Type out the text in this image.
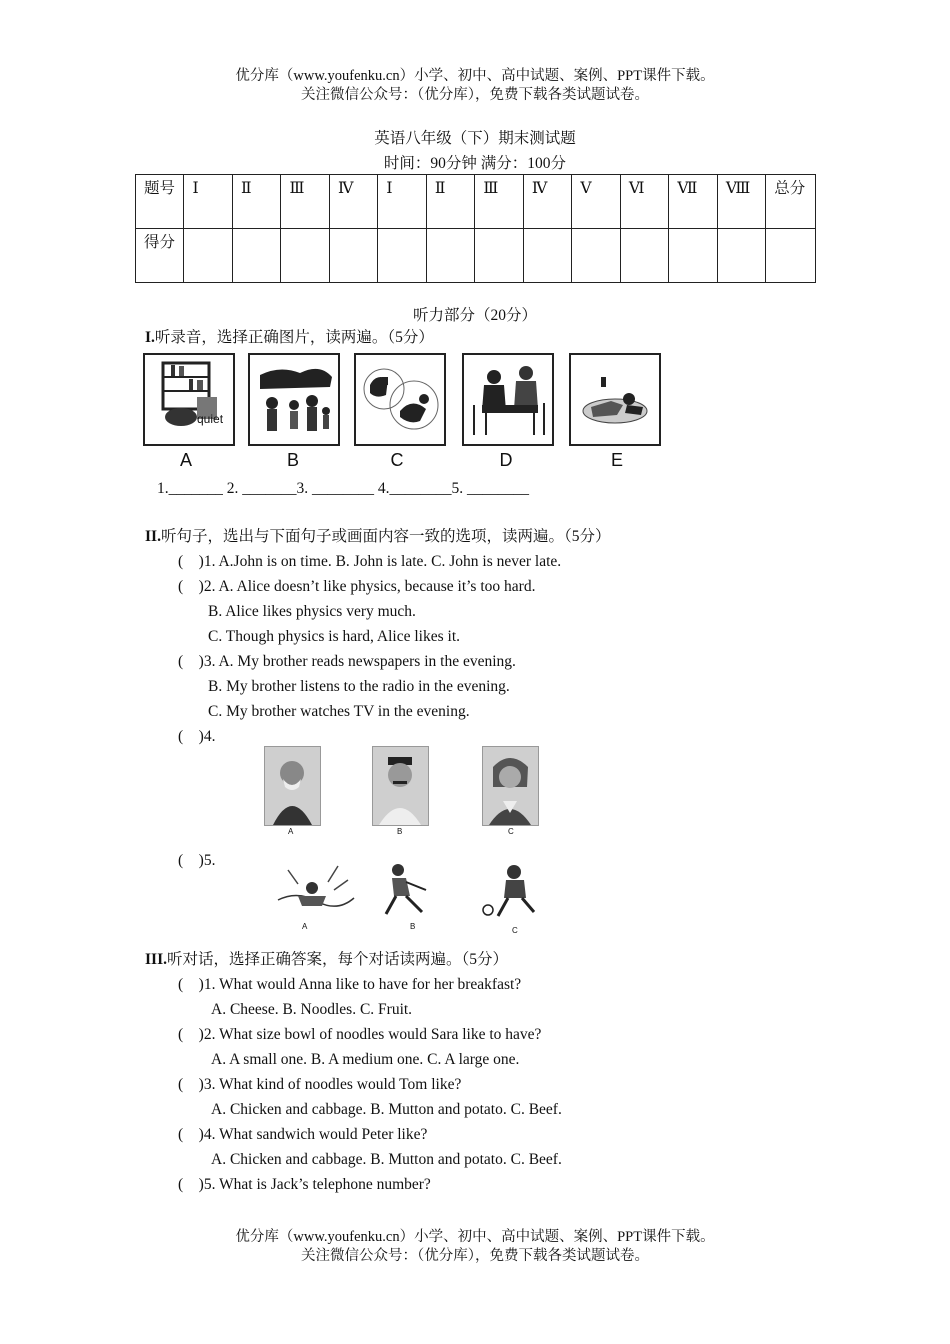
优分库（www.youfenku.cn）小学、初中、高中试题、案例、PPT课件下载。
关注微信公众号：（优分库），免费下载各类试题试卷。
英语八年级（下）期末测试题
时间：90分钟 满分：100分
题号	Ⅰ	Ⅱ	Ⅲ	Ⅳ	Ⅰ	Ⅱ	Ⅲ	Ⅳ	Ⅴ	Ⅵ	Ⅶ	Ⅷ	总分
得分													
听力部分（20分）
I.听录音，选择正确图片，读两遍。（5分）
quiet
A	B	C	D	E
1._______ 2. _______3. ________ 4.________5. ________
II.听句子，选出与下面句子或画面内容一致的选项，读两遍。（5分）
(　)1. A.John is on time. B. John is late. C. John is never late.
(　)2. A. Alice doesn’t like physics, because it’s too hard.
B. Alice likes physics very much.
C. Though physics is hard, Alice likes it.
(　)3. A. My brother reads newspapers in the evening.
B. My brother listens to the radio in the evening.
C. My brother watches TV in the evening.
(　)4.
A	B	C
(　)5.
A	B	C
III.听对话，选择正确答案，每个对话读两遍。（5分）
(　)1. What would Anna like to have for her breakfast?
A. Cheese. B. Noodles. C. Fruit.
(　)2. What size bowl of noodles would Sara like to have?
A. A small one. B. A medium one. C. A large one.
(　)3. What kind of noodles would Tom like?
A. Chicken and cabbage. B. Mutton and potato. C. Beef.
(　)4. What sandwich would Peter like?
A. Chicken and cabbage. B. Mutton and potato. C. Beef.
(　)5. What is Jack’s telephone number?
优分库（www.youfenku.cn）小学、初中、高中试题、案例、PPT课件下载。
关注微信公众号：（优分库），免费下载各类试题试卷。
